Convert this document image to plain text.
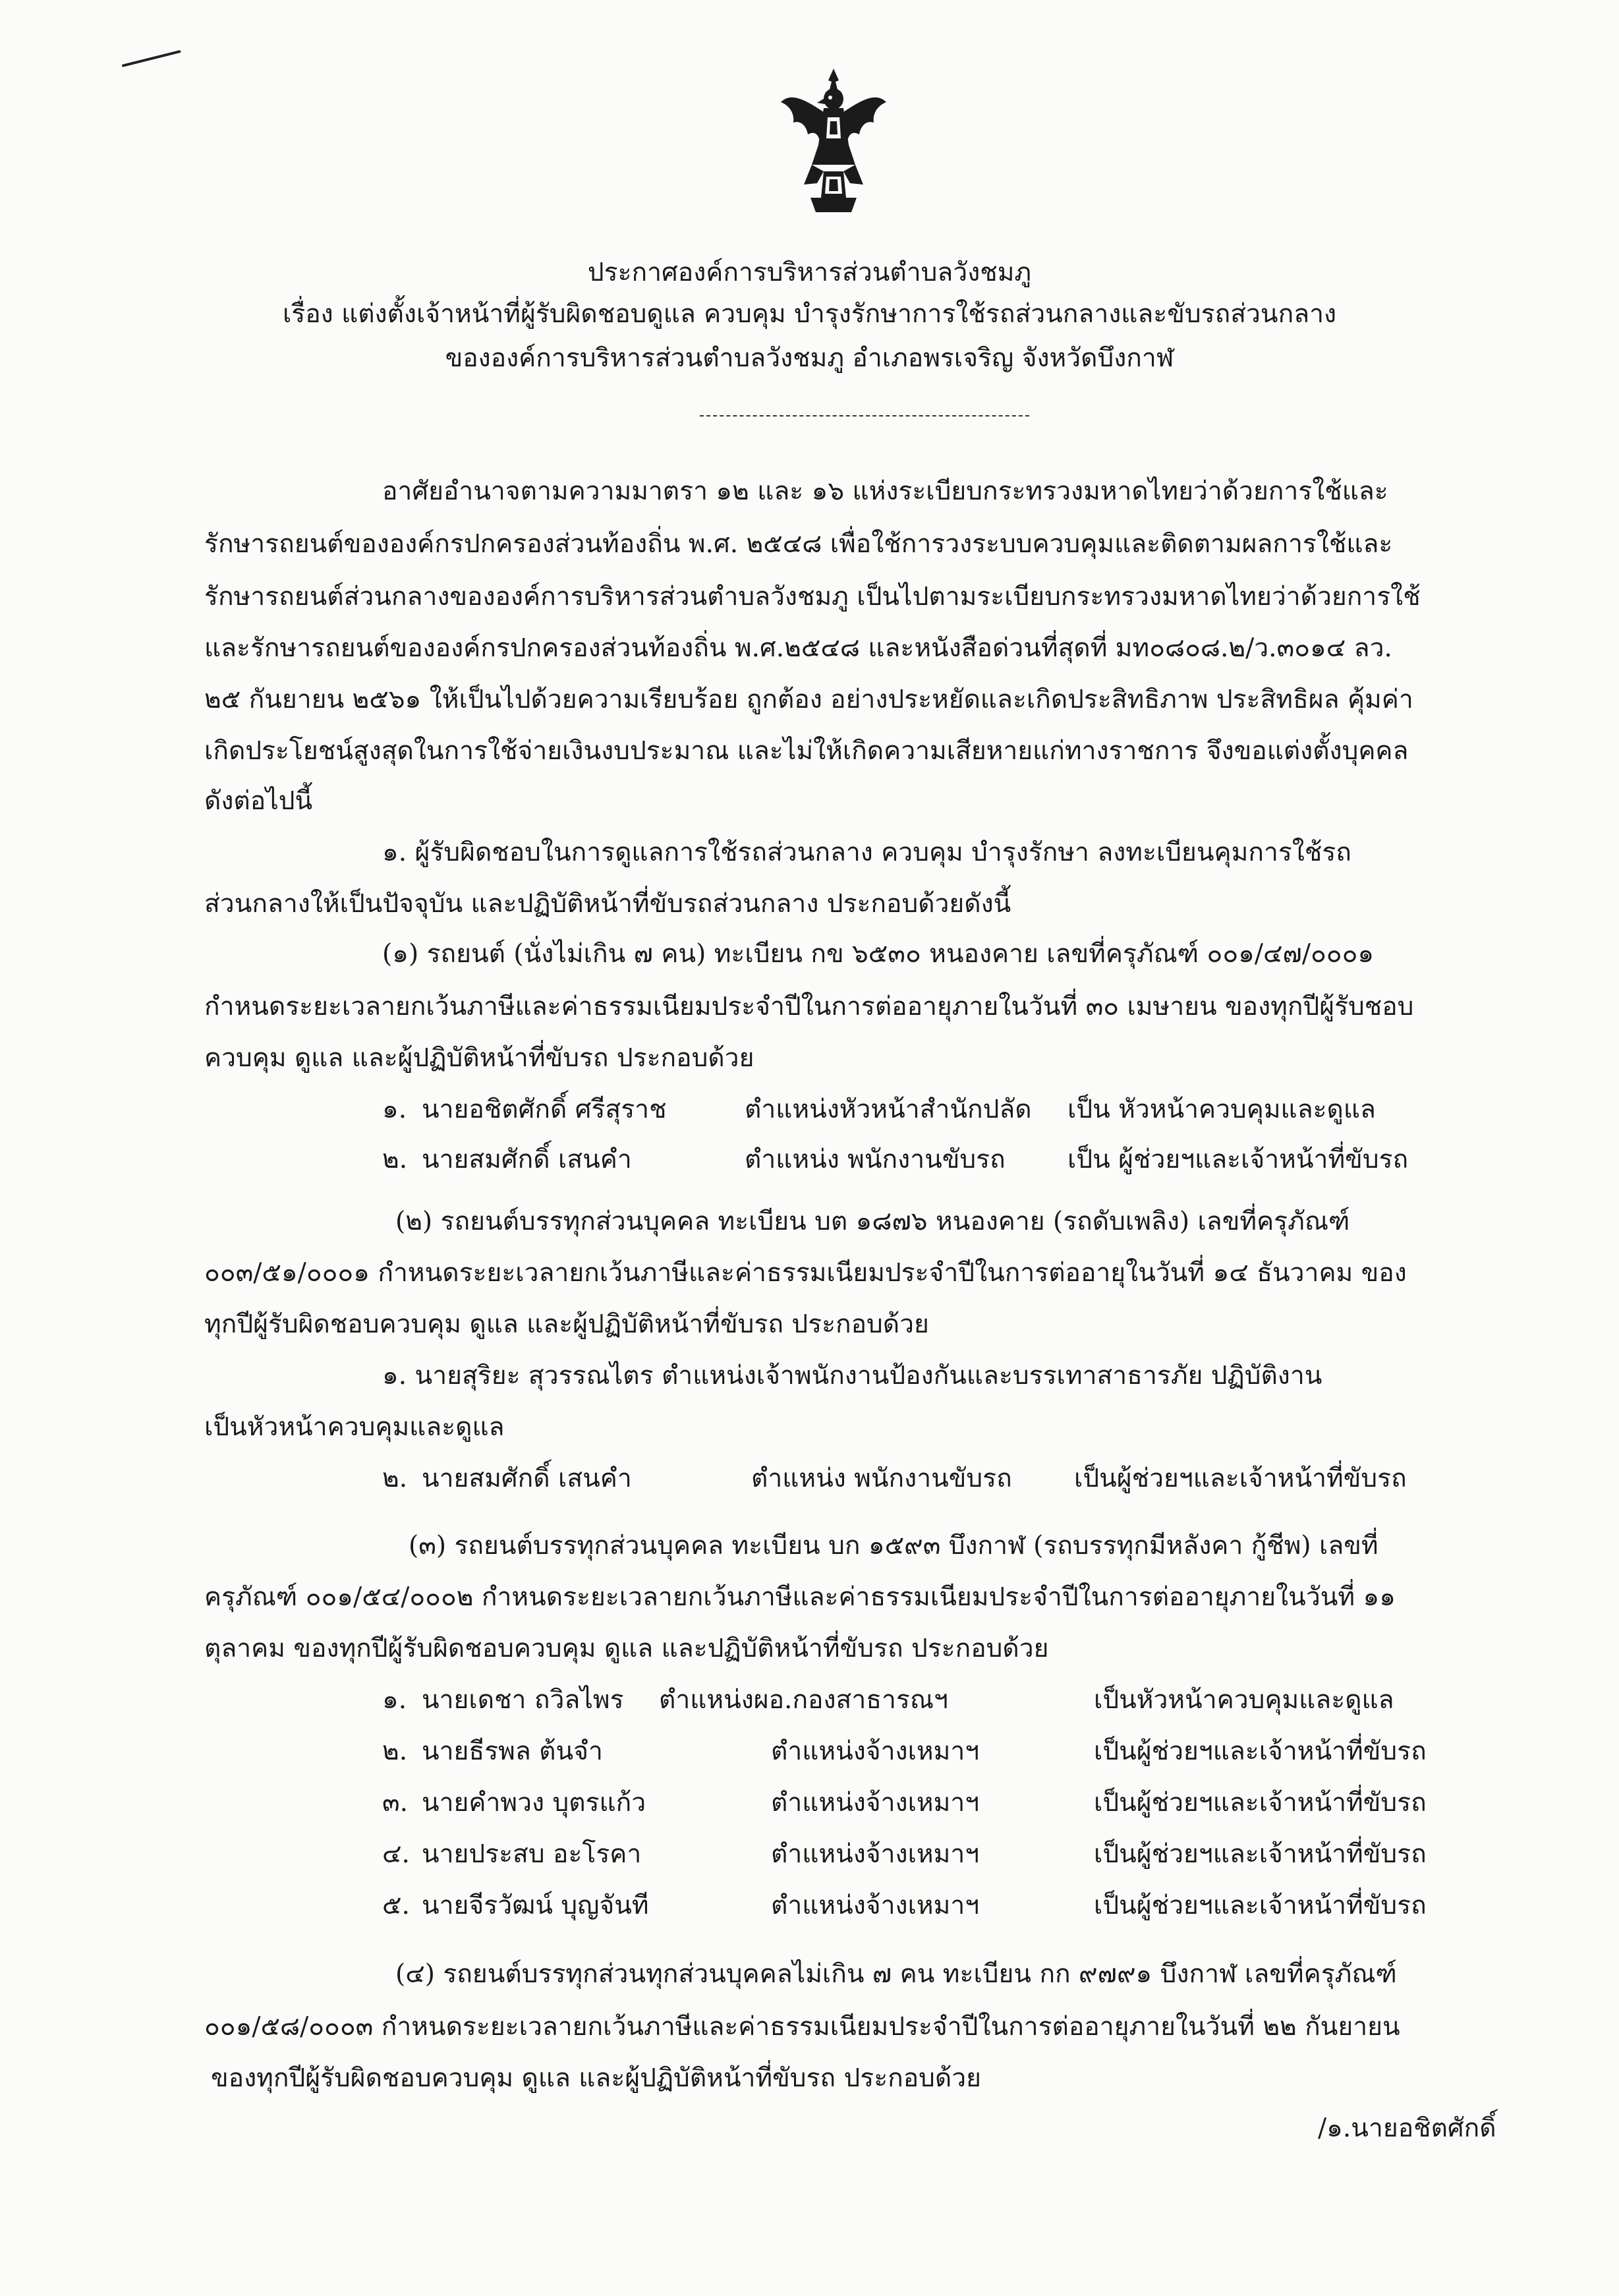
ประกาศองค์การบริหารส่วนตำบลวังชมภู

เรื่อง แต่งตั้งเจ้าหน้าที่ผู้รับผิดชอบดูแล ควบคุม บำรุงรักษาการใช้รถส่วนกลางและขับรถส่วนกลาง

ขององค์การบริหารส่วนตำบลวังชมภู อำเภอพรเจริญ จังหวัดบึงกาฬ

อาศัยอำนาจตามความมาตรา ๑๒ และ ๑๖ แห่งระเบียบกระทรวงมหาดไทยว่าด้วยการใช้และ

รักษารถยนต์ขององค์กรปกครองส่วนท้องถิ่น พ.ศ. ๒๕๔๘ เพื่อใช้การวงระบบควบคุมและติดตามผลการใช้และ

รักษารถยนต์ส่วนกลางขององค์การบริหารส่วนตำบลวังชมภู เป็นไปตามระเบียบกระทรวงมหาดไทยว่าด้วยการใช้

และรักษารถยนต์ขององค์กรปกครองส่วนท้องถิ่น พ.ศ.๒๕๔๘ และหนังสือด่วนที่สุดที่ มท๐๘๐๘.๒/ว.๓๐๑๔ ลว.

๒๕ กันยายน ๒๕๖๑ ให้เป็นไปด้วยความเรียบร้อย ถูกต้อง อย่างประหยัดและเกิดประสิทธิภาพ ประสิทธิผล คุ้มค่า

เกิดประโยชน์สูงสุดในการใช้จ่ายเงินงบประมาณ และไม่ให้เกิดความเสียหายแก่ทางราชการ จึงขอแต่งตั้งบุคคล

ดังต่อไปนี้

๑. ผู้รับผิดชอบในการดูแลการใช้รถส่วนกลาง ควบคุม บำรุงรักษา ลงทะเบียนคุมการใช้รถ

ส่วนกลางให้เป็นปัจจุบัน และปฏิบัติหน้าที่ขับรถส่วนกลาง ประกอบด้วยดังนี้

(๑) รถยนต์ (นั่งไม่เกิน ๗ คน) ทะเบียน กข ๖๕๓๐ หนองคาย เลขที่ครุภัณฑ์ ๐๐๑/๔๗/๐๐๐๑

กำหนดระยะเวลายกเว้นภาษีและค่าธรรมเนียมประจำปีในการต่ออายุภายในวันที่ ๓๐ เมษายน ของทุกปีผู้รับชอบ

ควบคุม ดูแล และผู้ปฏิบัติหน้าที่ขับรถ ประกอบด้วย

๑. นายอชิตศักดิ์ ศรีสุราช	ตำแหน่งหัวหน้าสำนักปลัด เป็น หัวหน้าควบคุมและดูแล

๒. นายสมศักดิ์ เสนคำ	ตำแหน่ง พนักงานขับรถ เป็น ผู้ช่วยฯและเจ้าหน้าที่ขับรถ

(๒) รถยนต์บรรทุกส่วนบุคคล ทะเบียน บต ๑๘๗๖ หนองคาย (รถดับเพลิง) เลขที่ครุภัณฑ์

๐๐๓/๕๑/๐๐๐๑ กำหนดระยะเวลายกเว้นภาษีและค่าธรรมเนียมประจำปีในการต่ออายุในวันที่ ๑๔ ธันวาคม ของ

ทุกปีผู้รับผิดชอบควบคุม ดูแล และผู้ปฏิบัติหน้าที่ขับรถ ประกอบด้วย

๑. นายสุริยะ สุวรรณไตร ตำแหน่งเจ้าพนักงานป้องกันและบรรเทาสาธารภัย ปฏิบัติงาน

เป็นหัวหน้าควบคุมและดูแล

๒. นายสมศักดิ์ เสนคำ	ตำแหน่ง พนักงานขับรถ เป็นผู้ช่วยฯและเจ้าหน้าที่ขับรถ

(๓) รถยนต์บรรทุกส่วนบุคคล ทะเบียน บก ๑๕๙๓ บึงกาฬ (รถบรรทุกมีหลังคา กู้ชีพ) เลขที่

ครุภัณฑ์ ๐๐๑/๕๔/๐๐๐๒ กำหนดระยะเวลายกเว้นภาษีและค่าธรรมเนียมประจำปีในการต่ออายุภายในวันที่ ๑๑

ตุลาคม ของทุกปีผู้รับผิดชอบควบคุม ดูแล และปฏิบัติหน้าที่ขับรถ ประกอบด้วย

๑. นายเดชา ถวิลไพร ตำแหน่งผอ.กองสาธารณฯ	เป็นหัวหน้าควบคุมและดูแล

๒. นายธีรพล ต้นจำ	ตำแหน่งจ้างเหมาฯ	เป็นผู้ช่วยฯและเจ้าหน้าที่ขับรถ

๓. นายคำพวง บุตรแก้ว	ตำแหน่งจ้างเหมาฯ	เป็นผู้ช่วยฯและเจ้าหน้าที่ขับรถ

๔. นายประสบ อะโรคา	ตำแหน่งจ้างเหมาฯ	เป็นผู้ช่วยฯและเจ้าหน้าที่ขับรถ

๕. นายจีรวัฒน์ บุญจันที	ตำแหน่งจ้างเหมาฯ	เป็นผู้ช่วยฯและเจ้าหน้าที่ขับรถ

(๔) รถยนต์บรรทุกส่วนทุกส่วนบุคคลไม่เกิน ๗ คน ทะเบียน กก ๙๗๙๑ บึงกาฬ เลขที่ครุภัณฑ์

๐๐๑/๕๘/๐๐๐๓ กำหนดระยะเวลายกเว้นภาษีและค่าธรรมเนียมประจำปีในการต่ออายุภายในวันที่ ๒๒ กันยายน

ของทุกปีผู้รับผิดชอบควบคุม ดูแล และผู้ปฏิบัติหน้าที่ขับรถ ประกอบด้วย

/๑.นายอชิตศักดิ์
